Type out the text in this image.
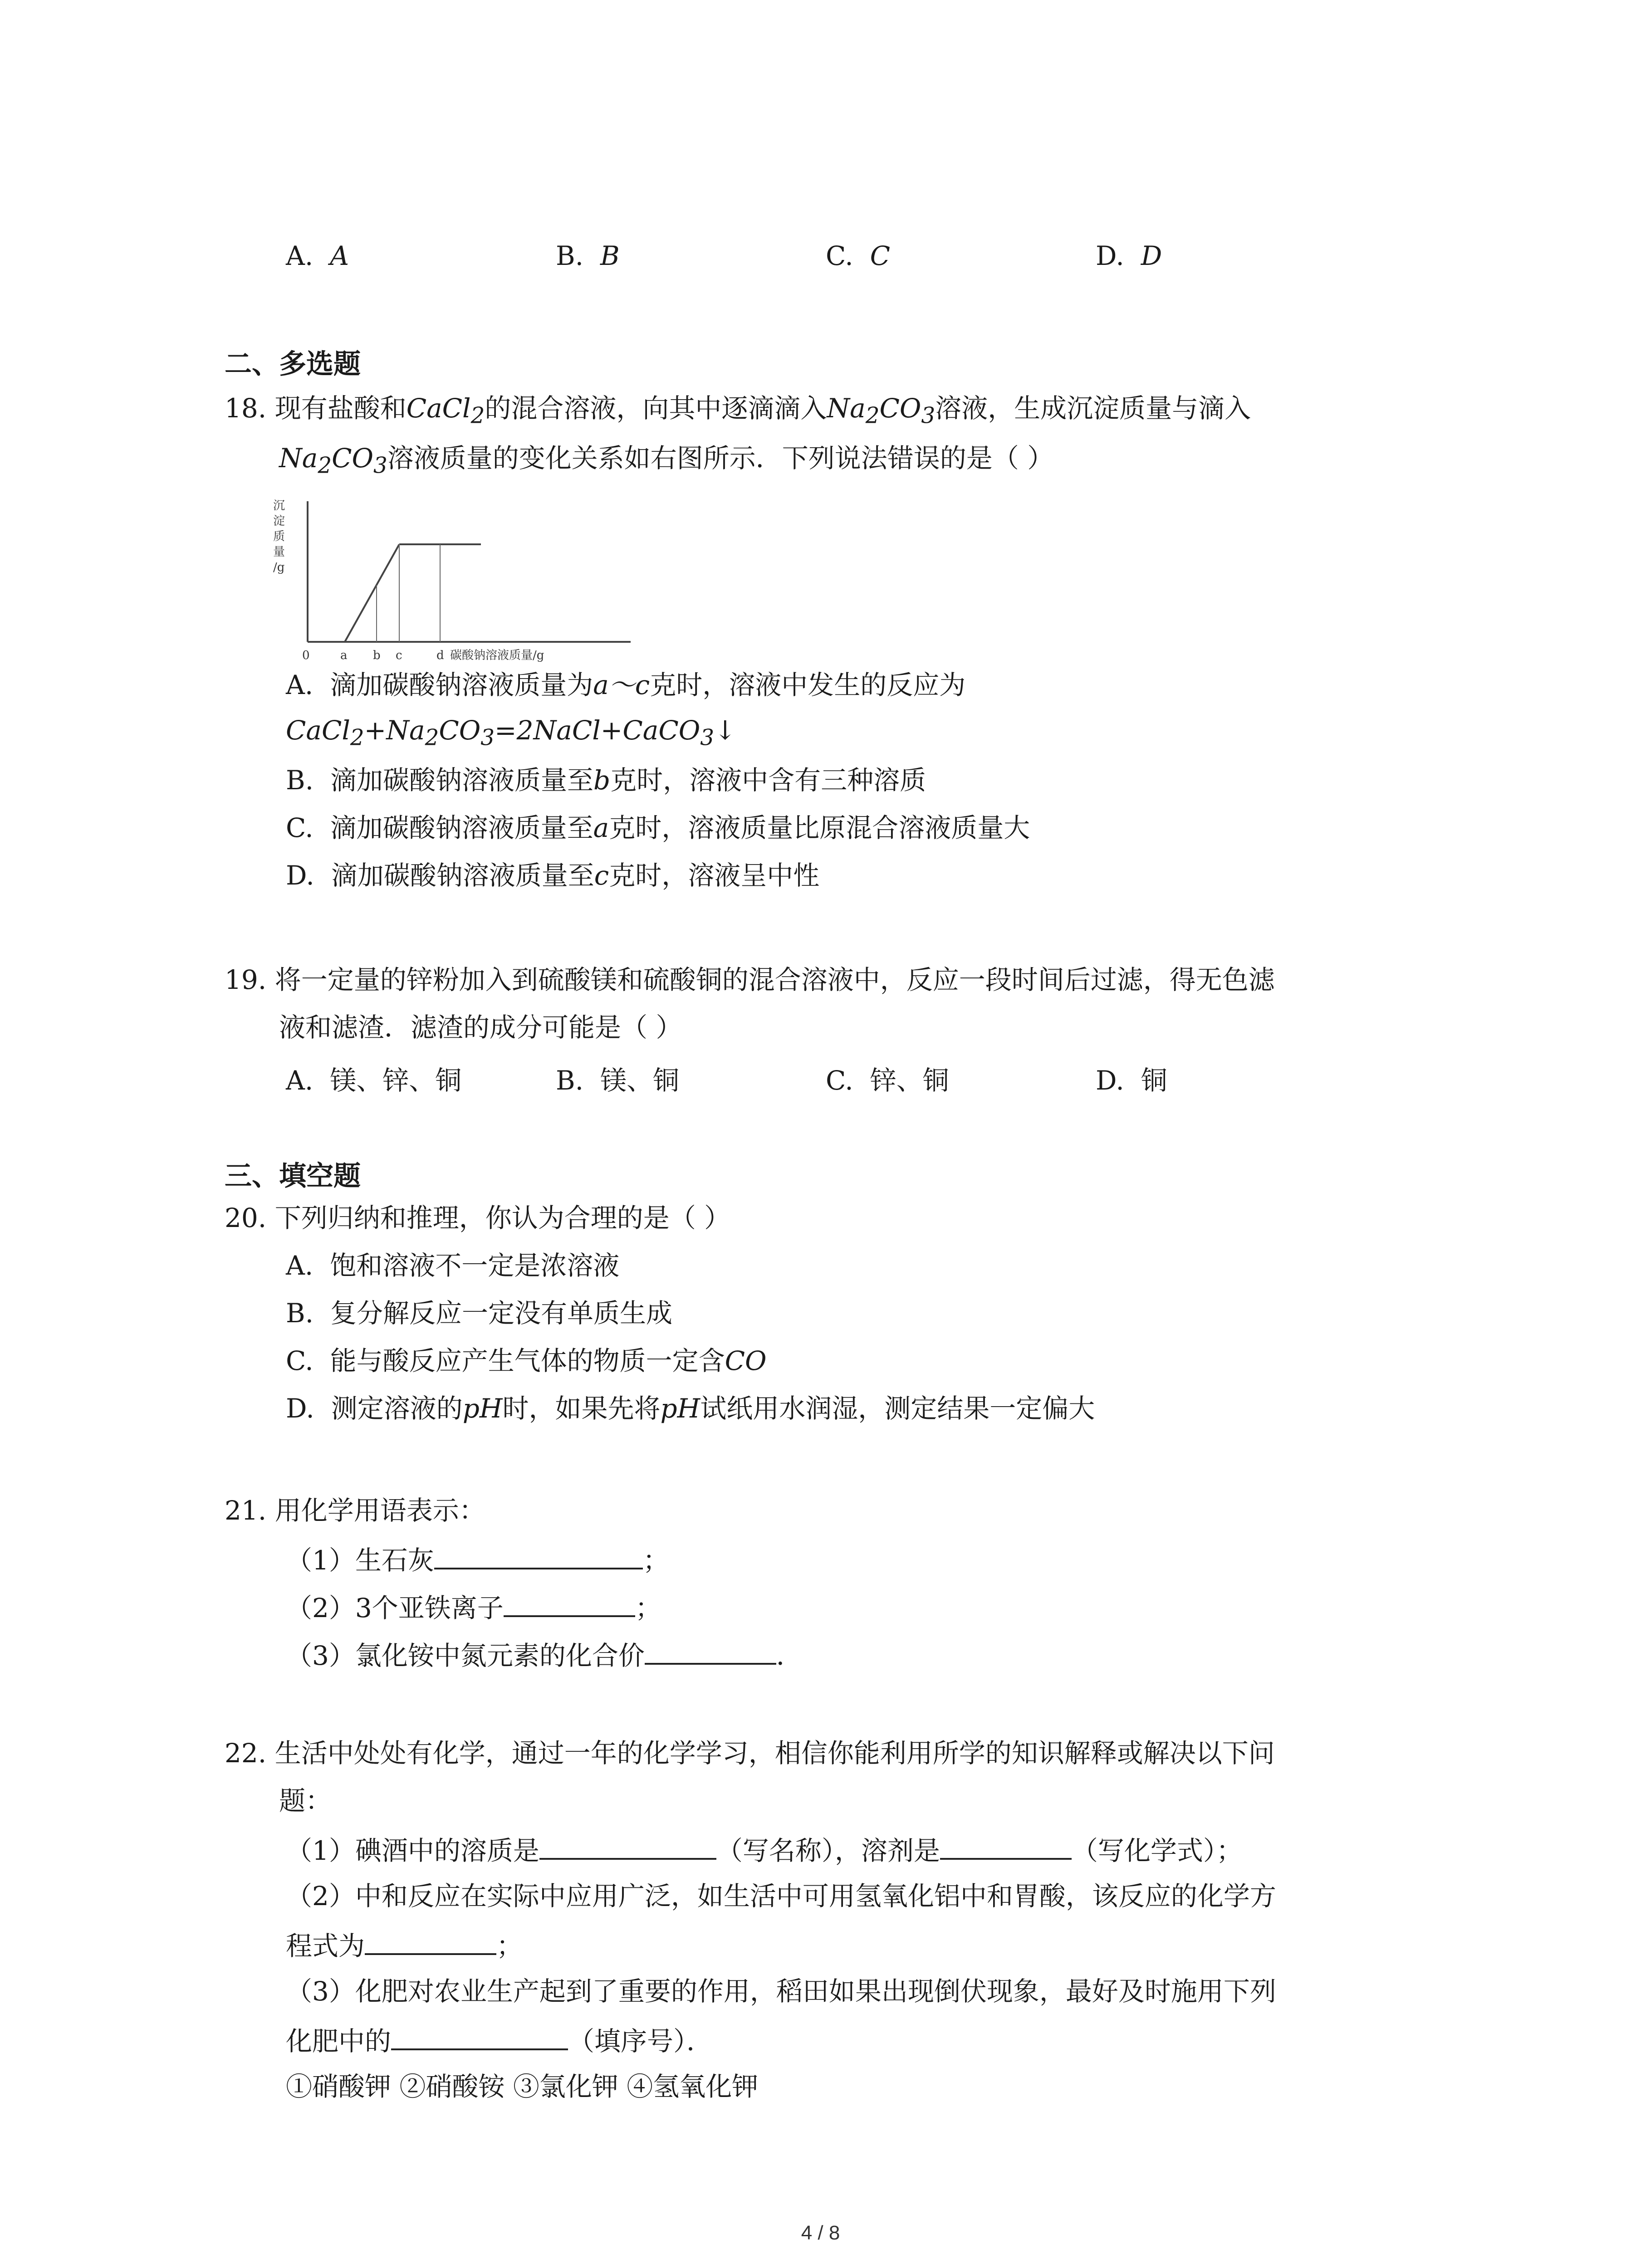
A. A	B. B	C. C	D. D
二、多选题
18. 现有盐酸和CaCl$_2$的混合溶液，向其中逐滴滴入$Na_2CO_3$溶液，生成沉淀质量与滴入
$Na_2CO_3$溶液质量的变化关系如右图所示．下列说法错误的是（ ）
沉
淀
质
量
/g
0	a b c	d 碳酸钠溶液质量/g
A. 滴加碳酸钠溶液质量为a～c克时，溶液中发生的反应为
$CaCl_2+Na_2CO_3=2NaCl+CaCO_3↓$
B. 滴加碳酸钠溶液质量至b克时，溶液中含有三种溶质
C. 滴加碳酸钠溶液质量至a克时，溶液质量比原混合溶液质量大
D. 滴加碳酸钠溶液质量至c克时，溶液呈中性
19. 将一定量的锌粉加入到硫酸镁和硫酸铜的混合溶液中，反应一段时间后过滤，得无色滤
液和滤渣．滤渣的成分可能是（ ）
A. 镁、锌、铜	B. 镁、铜	C. 锌、铜	D. 铜
三、填空题
20. 下列归纳和推理，你认为合理的是（ ）
A. 饱和溶液不一定是浓溶液
B. 复分解反应一定没有单质生成
C. 能与酸反应产生气体的物质一定含CO
D. 测定溶液的pH时，如果先将pH试纸用水润湿，测定结果一定偏大
21. 用化学用语表示：
（1）生石灰	；
（2）3个亚铁离子	；
（3）氯化铵中氮元素的化合价	．
22. 生活中处处有化学，通过一年的化学学习，相信你能利用所学的知识解释或解决以下问
题：
（1）碘酒中的溶质是	（写名称），溶剂是	（写化学式）；
（2）中和反应在实际中应用广泛，如生活中可用氢氧化铝中和胃酸，该反应的化学方
程式为	；
（3）化肥对农业生产起到了重要的作用，稻田如果出现倒伏现象，最好及时施用下列
化肥中的	（填序号）．
①硝酸钾 ②硝酸铵 ③氯化钾 ④氢氧化钾
4 / 8
